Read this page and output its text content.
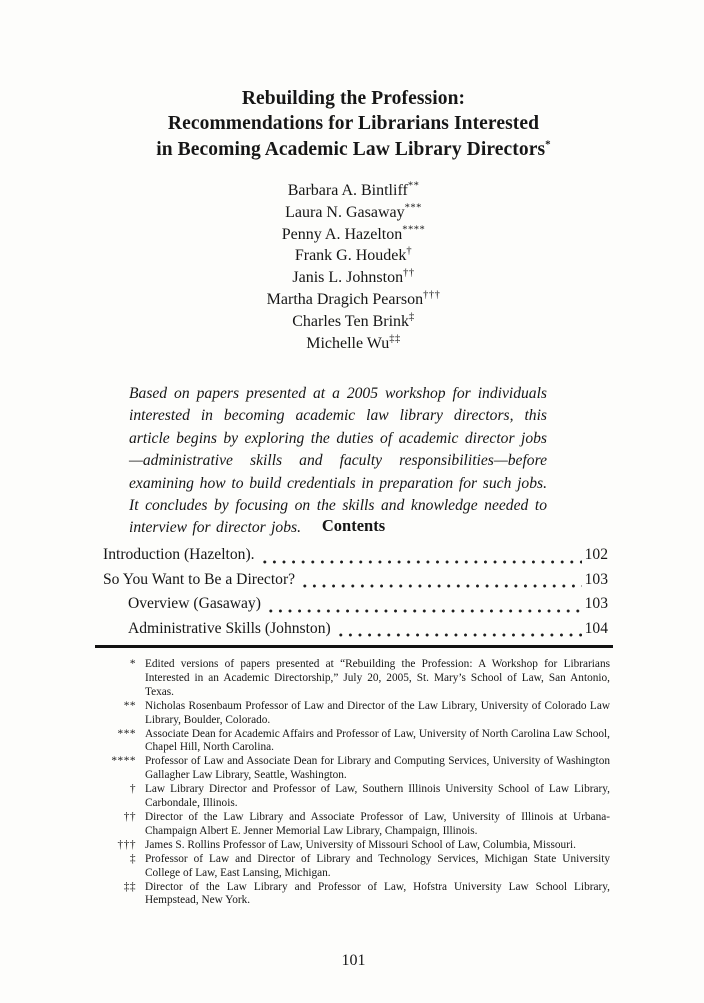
Rebuilding the Profession:
Recommendations for Librarians Interested
in Becoming Academic Law Library Directors*
Barbara A. Bintliff**
Laura N. Gasaway***
Penny A. Hazelton****
Frank G. Houdek†
Janis L. Johnston††
Martha Dragich Pearson†††
Charles Ten Brink‡
Michelle Wu‡‡
Based on papers presented at a 2005 workshop for individuals interested in becoming academic law library directors, this article begins by exploring the duties of academic director jobs—administrative skills and faculty responsibilities—before examining how to build credentials in preparation for such jobs. It concludes by focusing on the skills and knowledge needed to interview for director jobs.	Contents
Introduction (Hazelton).	102
So You Want to Be a Director?	103
Overview (Gasaway)	103
Administrative Skills (Johnston)	104
* Edited versions of papers presented at “Rebuilding the Profession: A Workshop for Librarians Interested in an Academic Directorship,” July 20, 2005, St. Mary’s School of Law, San Antonio, Texas.
** Nicholas Rosenbaum Professor of Law and Director of the Law Library, University of Colorado Law Library, Boulder, Colorado.
*** Associate Dean for Academic Affairs and Professor of Law, University of North Carolina Law School, Chapel Hill, North Carolina.
**** Professor of Law and Associate Dean for Library and Computing Services, University of Washington Gallagher Law Library, Seattle, Washington.
† Law Library Director and Professor of Law, Southern Illinois University School of Law Library, Carbondale, Illinois.
†† Director of the Law Library and Associate Professor of Law, University of Illinois at Urbana-Champaign Albert E. Jenner Memorial Law Library, Champaign, Illinois.
††† James S. Rollins Professor of Law, University of Missouri School of Law, Columbia, Missouri.
‡ Professor of Law and Director of Library and Technology Services, Michigan State University College of Law, East Lansing, Michigan.
‡‡ Director of the Law Library and Professor of Law, Hofstra University Law School Library, Hempstead, New York.
101
